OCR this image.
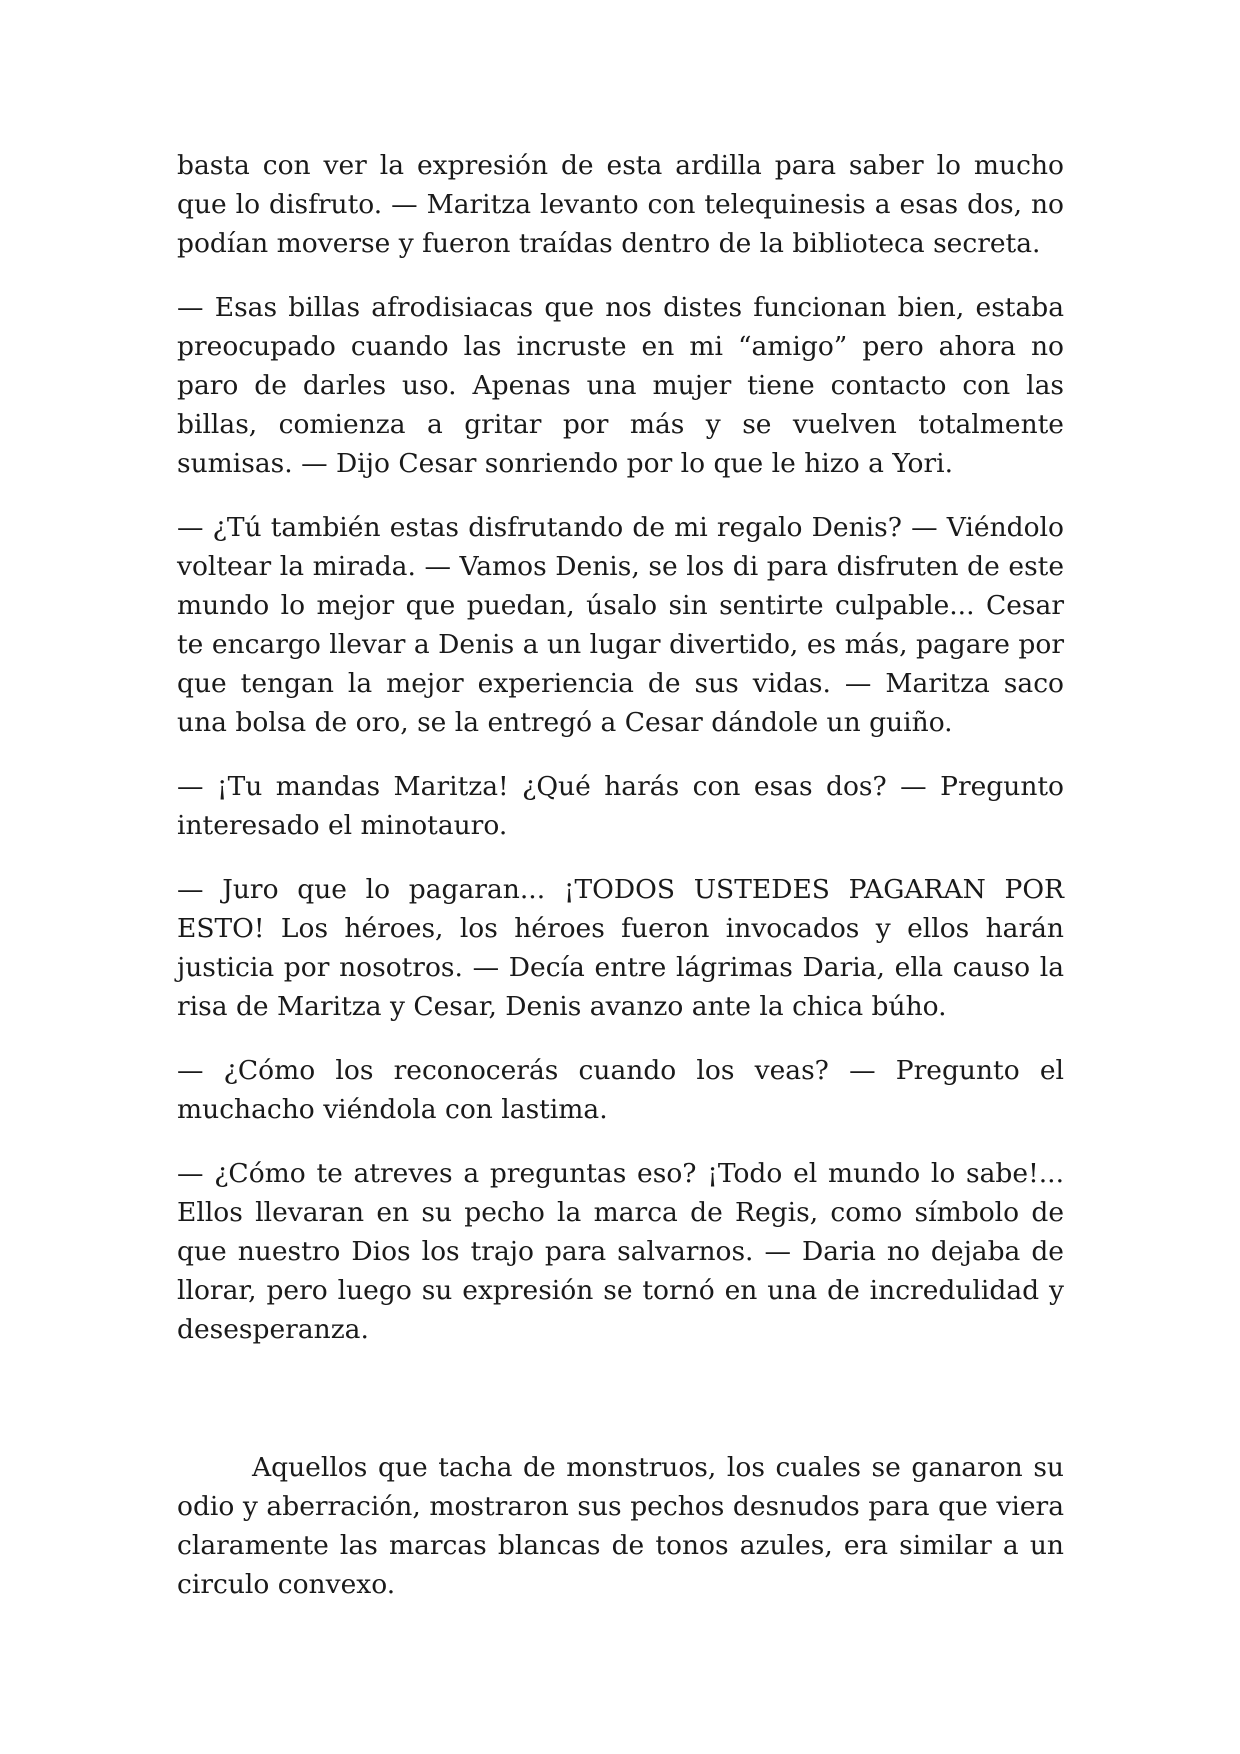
basta con ver la expresión de esta ardilla para saber lo mucho que lo disfruto. — Maritza levanto con telequinesis a esas dos, no podían moverse y fueron traídas dentro de la biblioteca secreta.

— Esas billas afrodisiacas que nos distes funcionan bien, estaba preocupado cuando las incruste en mi “amigo” pero ahora no paro de darles uso. Apenas una mujer tiene contacto con las billas, comienza a gritar por más y se vuelven totalmente sumisas. — Dijo Cesar sonriendo por lo que le hizo a Yori.

— ¿Tú también estas disfrutando de mi regalo Denis? — Viéndolo voltear la mirada. — Vamos Denis, se los di para disfruten de este mundo lo mejor que puedan, úsalo sin sentirte culpable... Cesar te encargo llevar a Denis a un lugar divertido, es más, pagare por que tengan la mejor experiencia de sus vidas. — Maritza saco una bolsa de oro, se la entregó a Cesar dándole un guiño.

— ¡Tu mandas Maritza! ¿Qué harás con esas dos? — Pregunto interesado el minotauro.

— Juro que lo pagaran... ¡TODOS USTEDES PAGARAN POR ESTO! Los héroes, los héroes fueron invocados y ellos harán justicia por nosotros. — Decía entre lágrimas Daria, ella causo la risa de Maritza y Cesar, Denis avanzo ante la chica búho.

— ¿Cómo los reconocerás cuando los veas? — Pregunto el muchacho viéndola con lastima.

— ¿Cómo te atreves a preguntas eso? ¡Todo el mundo lo sabe!... Ellos llevaran en su pecho la marca de Regis, como símbolo de que nuestro Dios los trajo para salvarnos. — Daria no dejaba de llorar, pero luego su expresión se tornó en una de incredulidad y desesperanza.

Aquellos que tacha de monstruos, los cuales se ganaron su odio y aberración, mostraron sus pechos desnudos para que viera claramente las marcas blancas de tonos azules, era similar a un circulo convexo.
